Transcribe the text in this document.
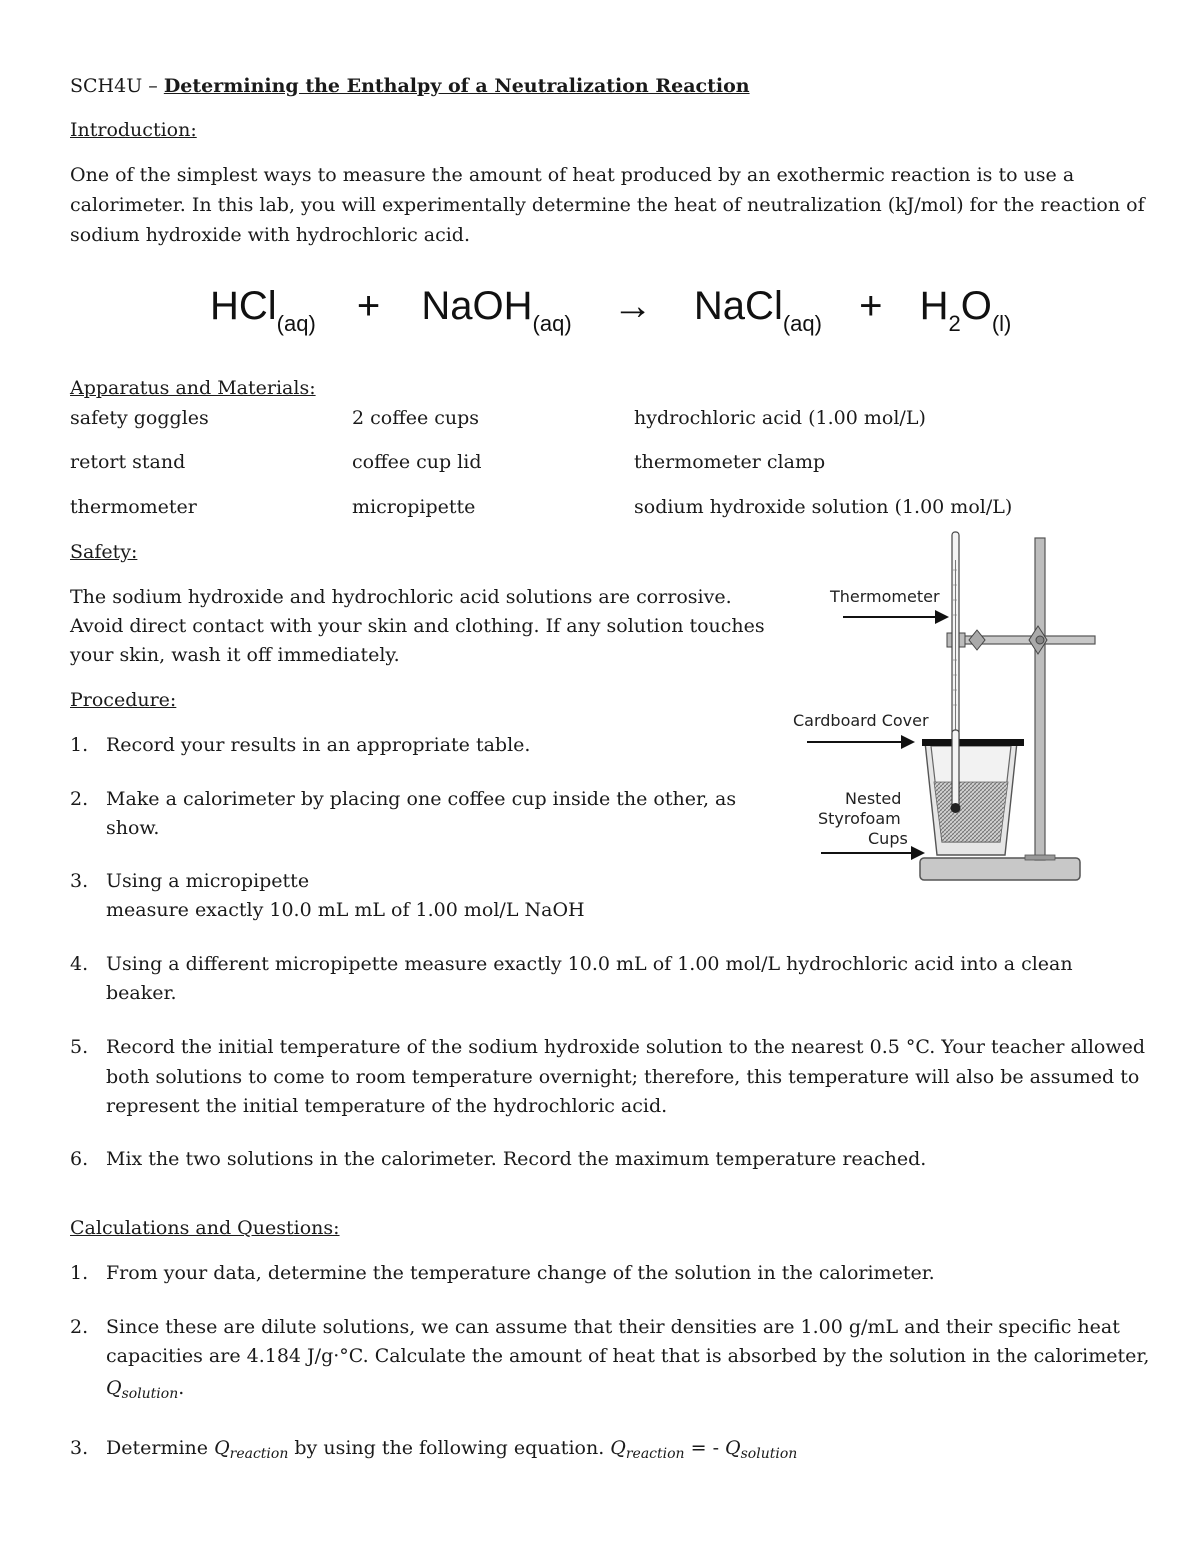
SCH4U – Determining the Enthalpy of a Neutralization Reaction
Introduction:
One of the simplest ways to measure the amount of heat produced by an exothermic reaction is to use a
calorimeter. In this lab, you will experimentally determine the heat of neutralization (kJ/mol) for the reaction of
sodium hydroxide with hydrochloric acid.
HCl$_{(aq)}$ + NaOH$_{(aq)}$ → NaCl$_{(aq)}$ + $H_2O_{(l)}$
Apparatus and Materials:
safety goggles	2 coffee cups	hydrochloric acid (1.00 mol/L)
retort stand	coffee cup lid	thermometer clamp
thermometer	micropipette	sodium hydroxide solution (1.00 mol/L)
Safety:
The sodium hydroxide and hydrochloric acid solutions are corrosive.
Avoid direct contact with your skin and clothing. If any solution touches
your skin, wash it off immediately.
Thermometer
Cardboard Cover
Nested
Styrofoam
Cups
Procedure:
1. Record your results in an appropriate table.
2. Make a calorimeter by placing one coffee cup inside the other, as
show.
3. Using a micropipette
measure exactly 10.0 mL mL of 1.00 mol/L NaOH
4. Using a different micropipette measure exactly 10.0 mL of 1.00 mol/L hydrochloric acid into a clean
beaker.
5. Record the initial temperature of the sodium hydroxide solution to the nearest 0.5 °C. Your teacher allowed
both solutions to come to room temperature overnight; therefore, this temperature will also be assumed to
represent the initial temperature of the hydrochloric acid.
6. Mix the two solutions in the calorimeter. Record the maximum temperature reached.
Calculations and Questions:
1. From your data, determine the temperature change of the solution in the calorimeter.
2. Since these are dilute solutions, we can assume that their densities are 1.00 g/mL and their specific heat
capacities are 4.184 J/g·°C. Calculate the amount of heat that is absorbed by the solution in the calorimeter,
$Q_{solution}$.
3. Determine $Q_{reaction}$ by using the following equation. $Q_{reaction}$ = - $Q_{solution}$
